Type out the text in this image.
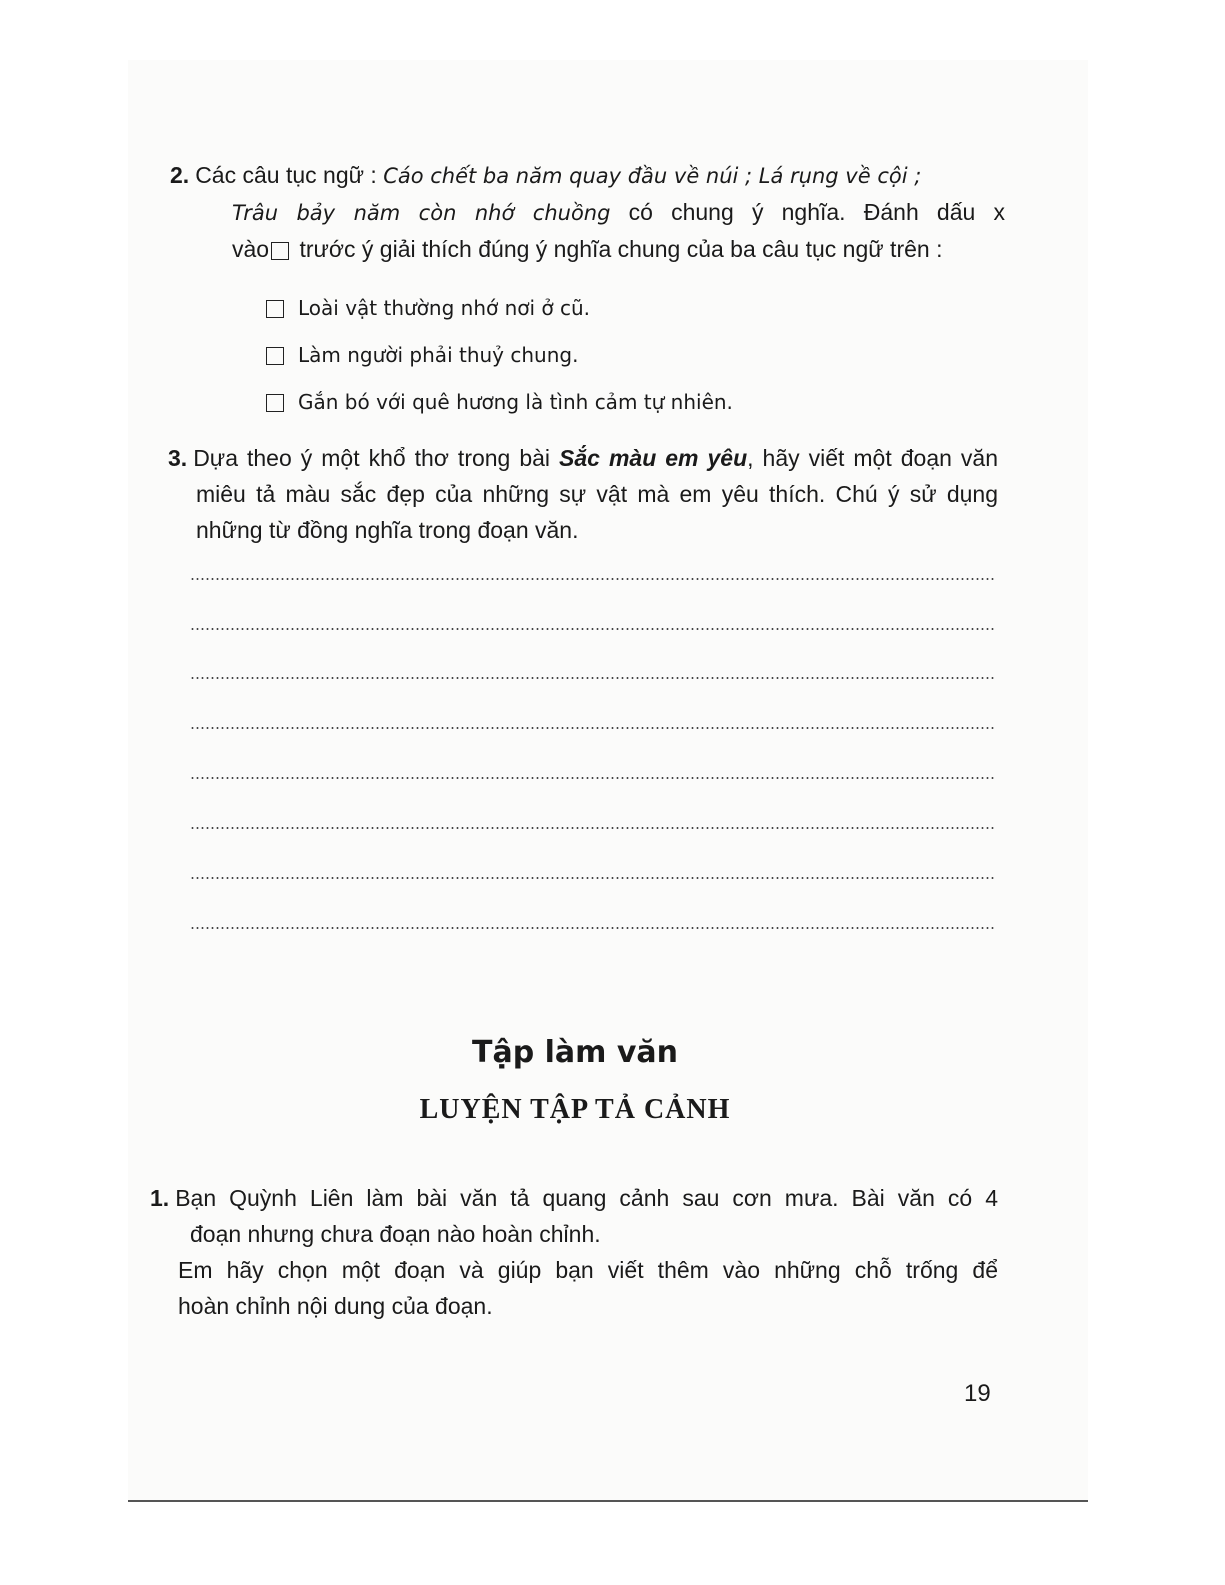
2. Các câu tục ngữ : Cáo chết ba năm quay đầu về núi ; Lá rụng về cội ;
Trâu bảy năm còn nhớ chuồng có chung ý nghĩa. Đánh dấu x
vào trước ý giải thích đúng ý nghĩa chung của ba câu tục ngữ trên :
Loài vật thường nhớ nơi ở cũ.
Làm người phải thuỷ chung.
Gắn bó với quê hương là tình cảm tự nhiên.
3. Dựa theo ý một khổ thơ trong bài Sắc màu em yêu, hãy viết một đoạn văn miêu tả màu sắc đẹp của những sự vật mà em yêu thích. Chú ý sử dụng những từ đồng nghĩa trong đoạn văn.
Tập làm văn
LUYỆN TẬP TẢ CẢNH
1. Bạn Quỳnh Liên làm bài văn tả quang cảnh sau cơn mưa. Bài văn có 4
đoạn nhưng chưa đoạn nào hoàn chỉnh.
Em hãy chọn một đoạn và giúp bạn viết thêm vào những chỗ trống để
hoàn chỉnh nội dung của đoạn.
19
